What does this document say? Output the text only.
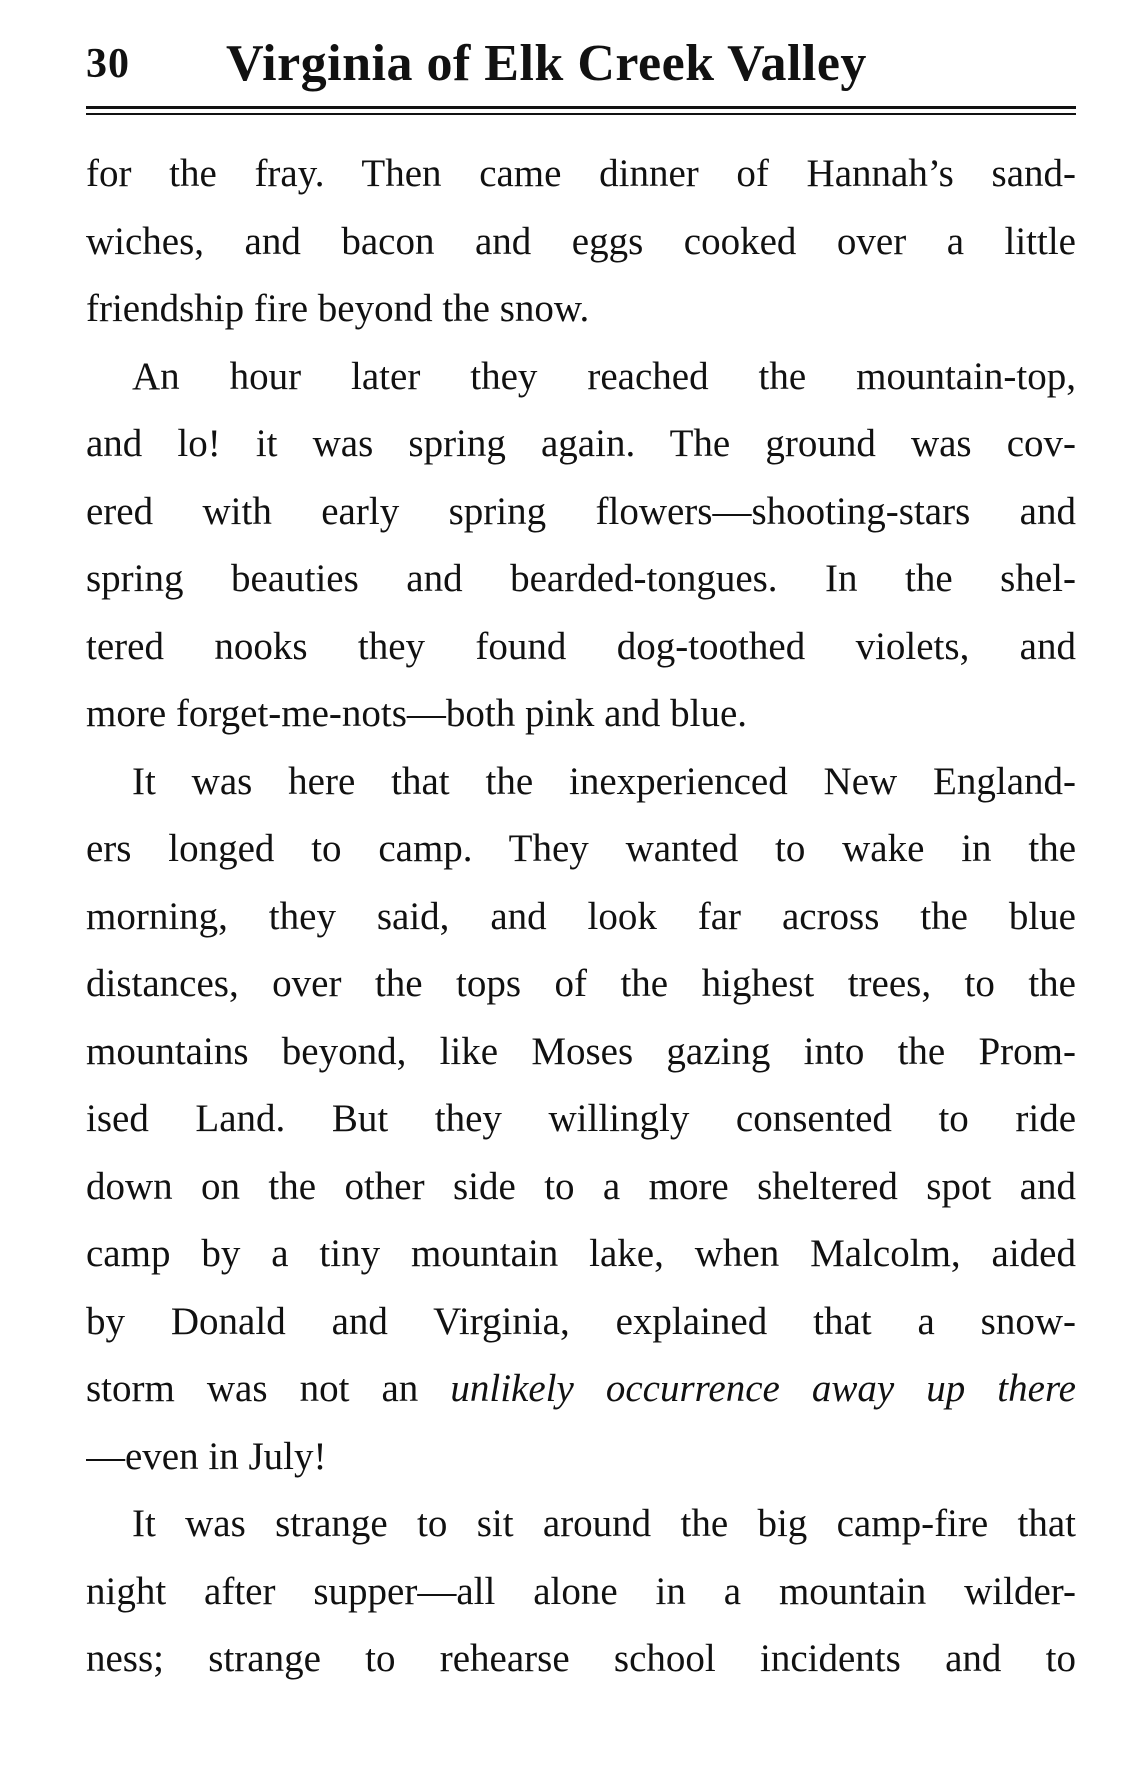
30 Virginia of Elk Creek Valley
for the fray. Then came dinner of Hannah’s sand-
wiches, and bacon and eggs cooked over a little
friendship fire beyond the snow.
An hour later they reached the mountain-top,
and lo! it was spring again. The ground was cov-
ered with early spring flowers—shooting-stars and
spring beauties and bearded-tongues. In the shel-
tered nooks they found dog-toothed violets, and
more forget-me-nots—both pink and blue.
It was here that the inexperienced New England-
ers longed to camp. They wanted to wake in the
morning, they said, and look far across the blue
distances, over the tops of the highest trees, to the
mountains beyond, like Moses gazing into the Prom-
ised Land. But they willingly consented to ride
down on the other side to a more sheltered spot and
camp by a tiny mountain lake, when Malcolm, aided
by Donald and Virginia, explained that a snow-
storm was not an unlikely occurrence away up there
—even in July!
It was strange to sit around the big camp-fire that
night after supper—all alone in a mountain wilder-
ness; strange to rehearse school incidents and to
